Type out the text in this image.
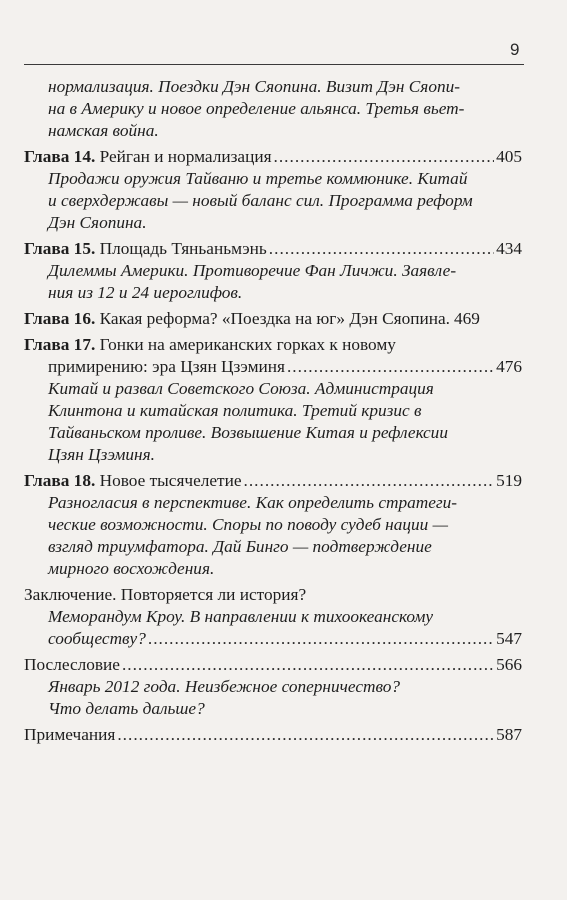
9

нормализация. Поездки Дэн Сяопина. Визит Дэн Сяопи-

на в Америку и новое определение альянса. Третья вьет-

намская война.

Глава 14. Рейган и нормализация .....	405

Продажи оружия Тайваню и третье коммюнике. Китай

и сверхдержавы — новый баланс сил. Программа реформ

Дэн Сяопина.

Глава 15. Площадь Тяньаньмэнь .....	434

Дилеммы Америки. Противоречие Фан Личжи. Заявле-

ния из 12 и 24 иероглифов.

Глава 16. Какая реформа? «Поездка на юг» Дэн Сяопина. 469

Глава 17. Гонки на американских горках к новому

примирению: эра Цзян Цзэминя .....	476

Китай и развал Советского Союза. Администрация

Клинтона и китайская политика. Третий кризис в

Тайваньском проливе. Возвышение Китая и рефлексии

Цзян Цзэминя.

Глава 18. Новое тысячелетие .....	519

Разногласия в перспективе. Как определить стратеги-

ческие возможности. Споры по поводу судеб нации —

взгляд триумфатора. Дай Бинго — подтверждение

мирного восхождения.

Заключение. Повторяется ли история?

Меморандум Кроу. В направлении к тихоокеанскому

сообществу? .....	547
Послесловие .....	566

Январь 2012 года. Неизбежное соперничество?

Что делать дальше?

Примечания .....	587
